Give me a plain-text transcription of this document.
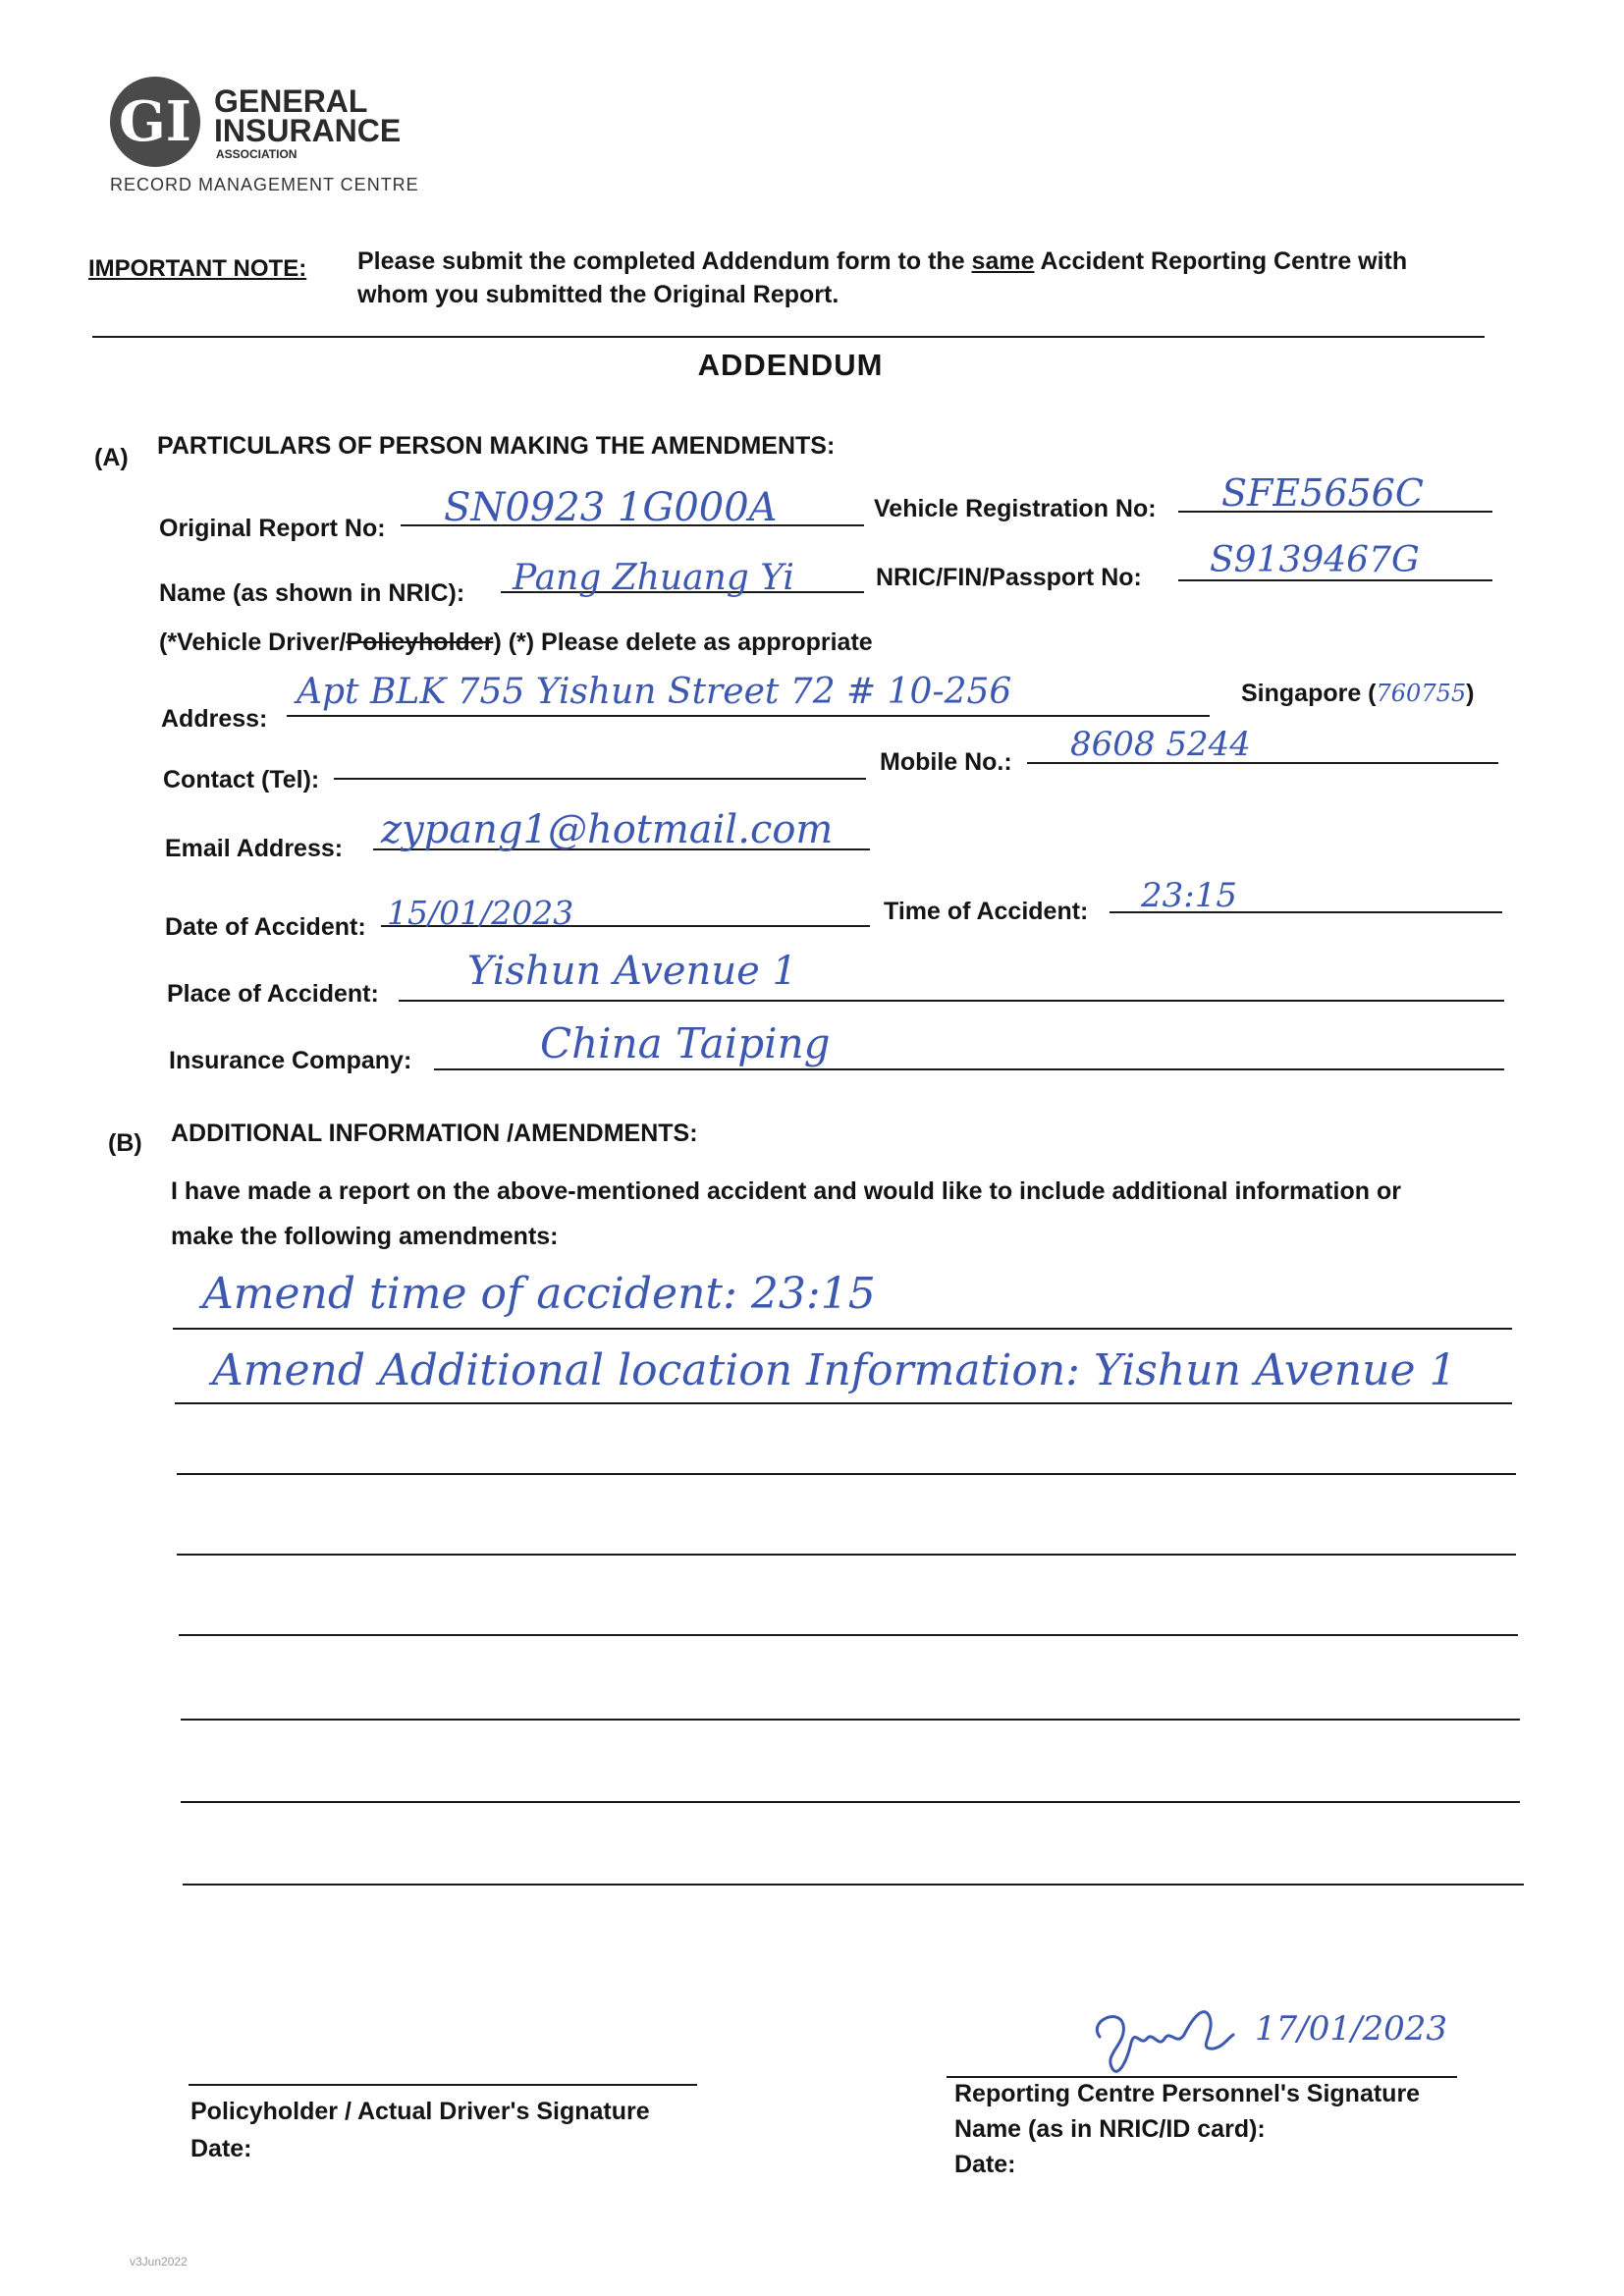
GI GENERAL
INSURANCE
ASSOCIATION
RECORD MANAGEMENT CENTRE
IMPORTANT NOTE: Please submit the completed Addendum form to the same Accident Reporting Centre with
whom you submitted the Original Report.
ADDENDUM
(A) PARTICULARS OF PERSON MAKING THE AMENDMENTS:
Original Report No: SN0923 1G000A	Vehicle Registration No: SFE5656C
Name (as shown in NRIC): Pang Zhuang Yi	NRIC/FIN/Passport No: S9139467G
(*Vehicle Driver/Policyholder) (*) Please delete as appropriate
Address:
Apt BLK 755 Yishun Street 72 # 10-256	Singapore (760755)
Contact (Tel):
Mobile No.: 8608 5244
Email Address: zypang1@hotmail.com
Date of Accident: 15/01/2023	Time of Accident: 23:15
Place of Accident: Yishun Avenue 1
Insurance Company:	China Taiping
(B) ADDITIONAL INFORMATION /AMENDMENTS:
I have made a report on the above-mentioned accident and would like to include additional information or
make the following amendments:
Amend time of accident: 23:15
Amend Additional location Information: Yishun Avenue 1
Policyholder / Actual Driver's Signature
Date:
17/01/2023
Reporting Centre Personnel's Signature
Name (as in NRIC/ID card):
Date:
v3Jun2022
